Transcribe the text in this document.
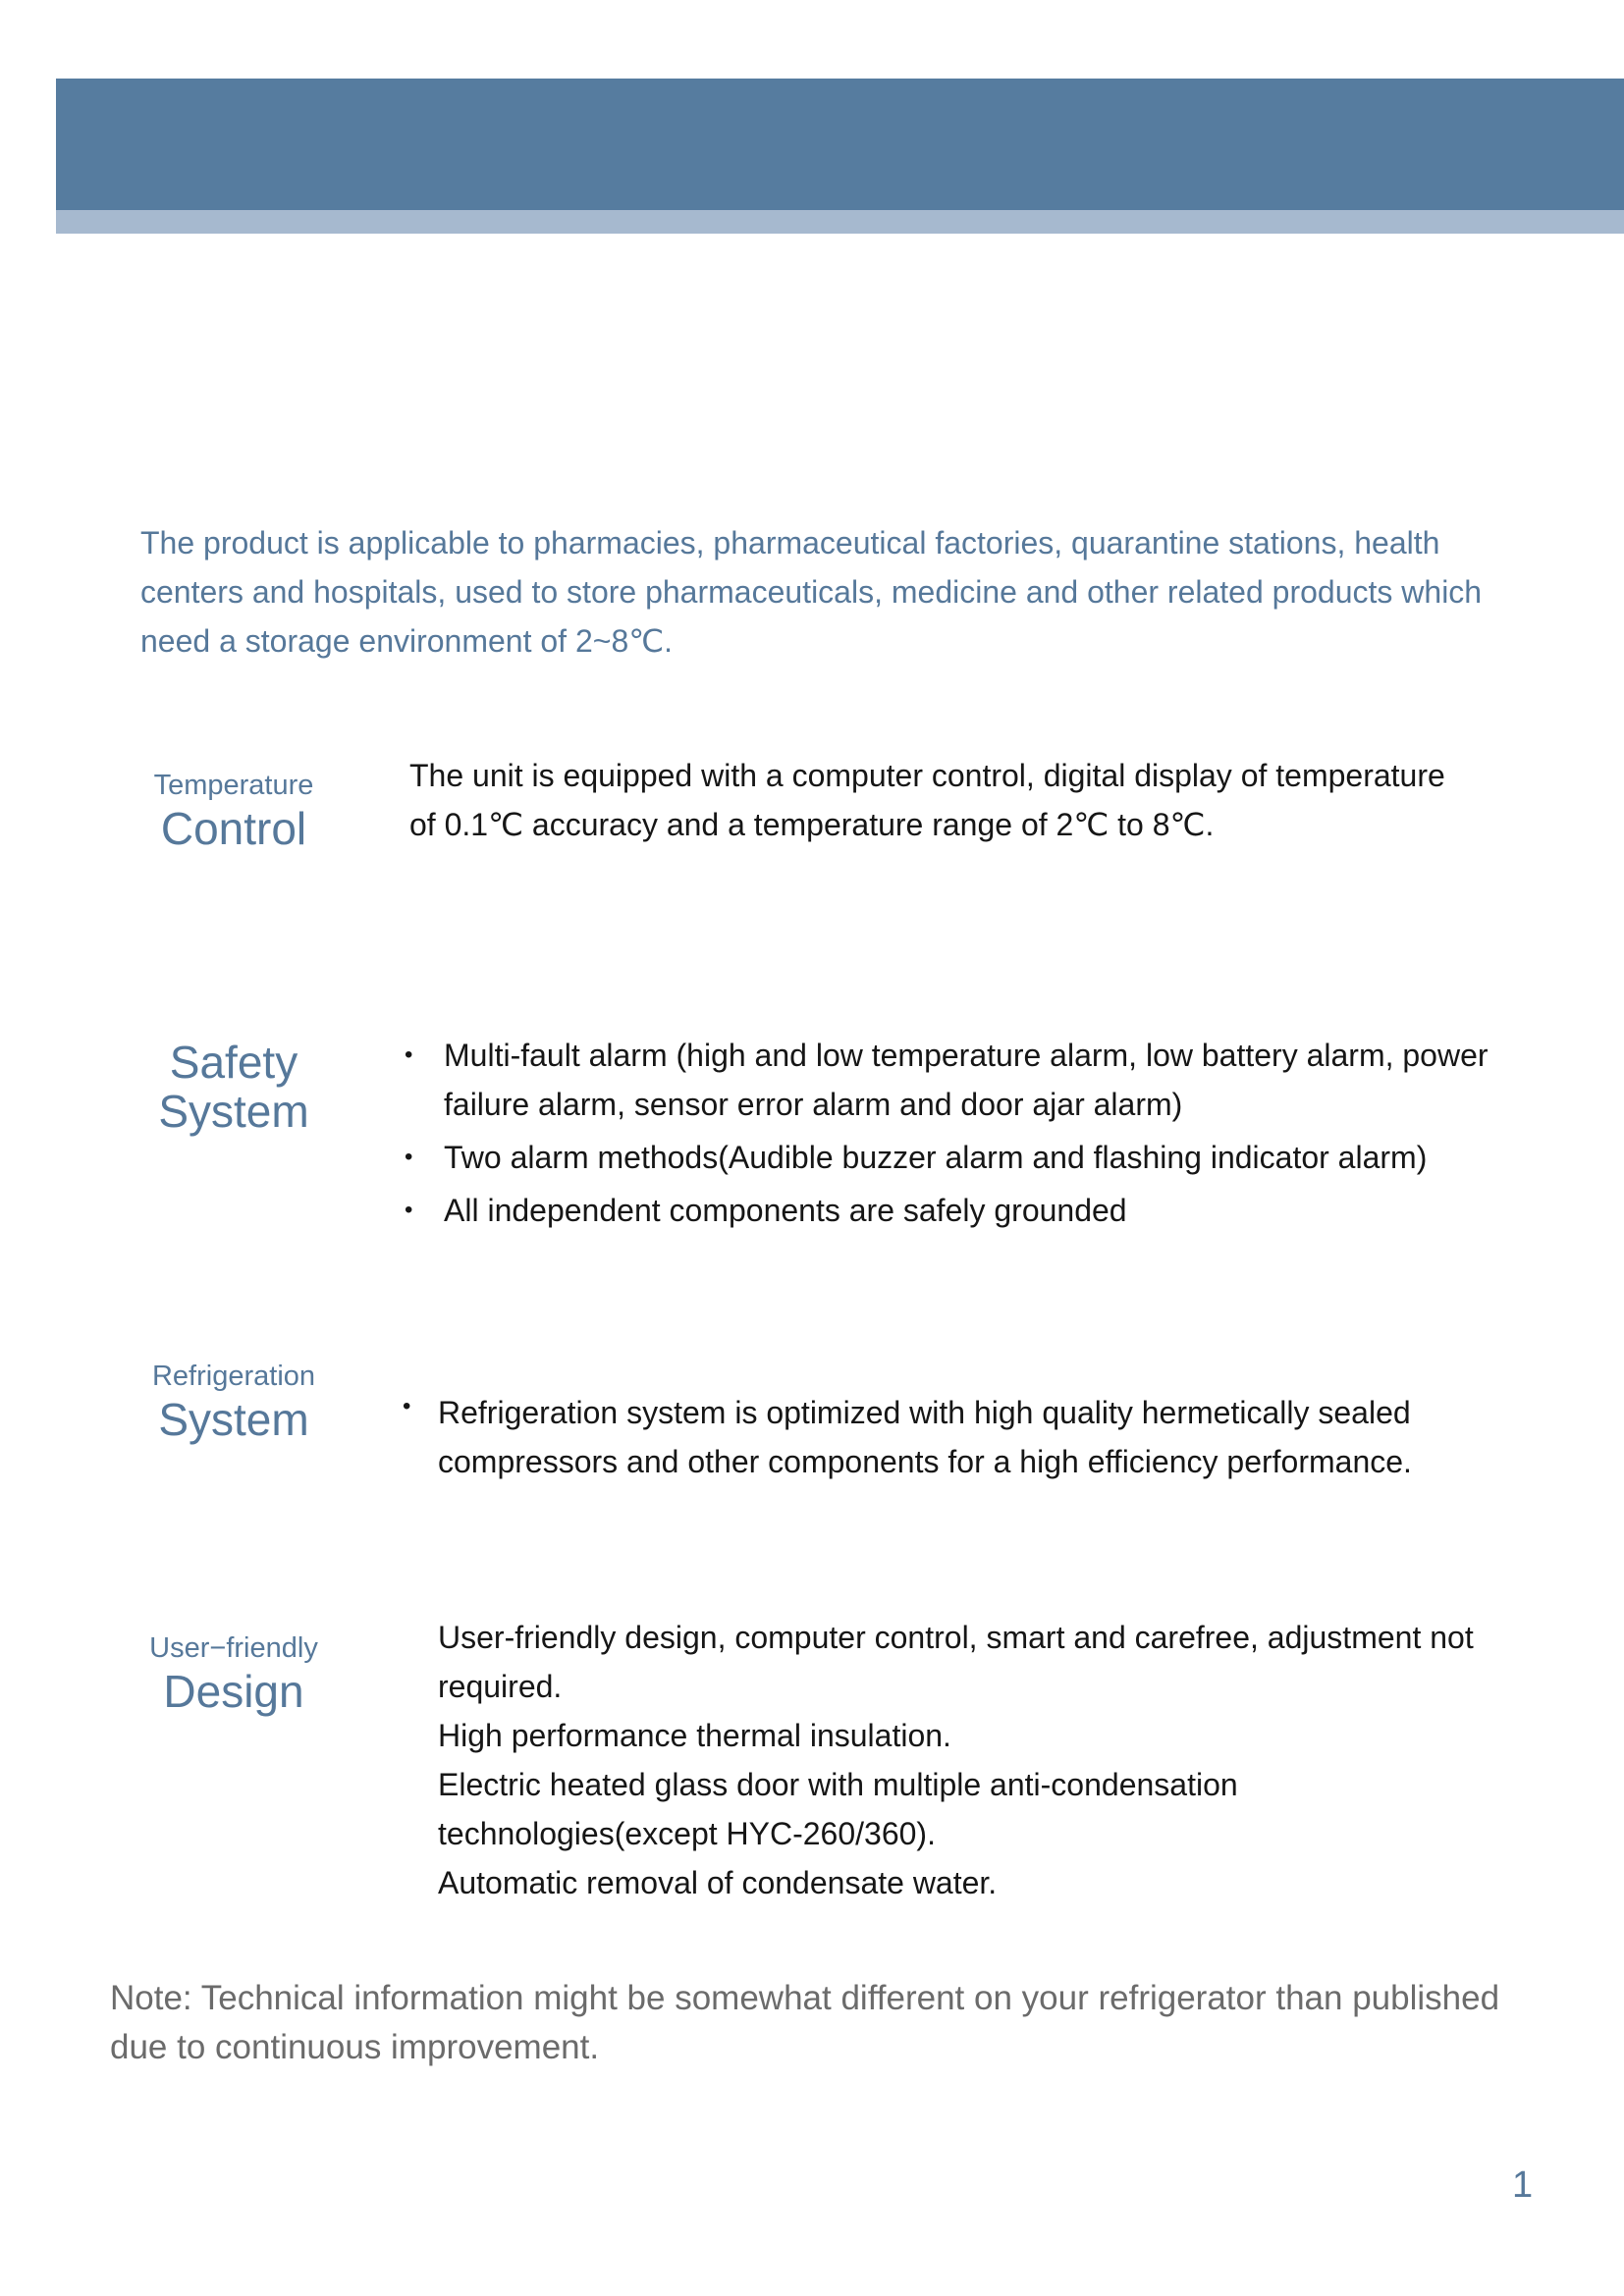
The product is applicable to pharmacies, pharmaceutical factories, quarantine stations, health centers and hospitals, used to store pharmaceuticals, medicine and other related products which need a storage environment of 2~8℃.

Temperature
Control

The unit is equipped with a computer control, digital display of temperature of 0.1℃ accuracy and a temperature range of 2℃ to 8℃.

Safety
System
• Multi-fault alarm (high and low temperature alarm, low battery alarm, power failure alarm, sensor error alarm and door ajar alarm)
• Two alarm methods(Audible buzzer alarm and flashing indicator alarm)
• All independent components are safely grounded
Refrigeration
System	• Refrigeration system is optimized with high quality hermetically sealed compressors and other components for a high efficiency performance.
User−friendly
Design

User-friendly design, computer control, smart and carefree, adjustment not required.

High performance thermal insulation.

Electric heated glass door with multiple anti-condensation technologies(except HYC-260/360).

Automatic removal of condensate water.

Note: Technical information might be somewhat different on your refrigerator than published due to continuous improvement.

1
